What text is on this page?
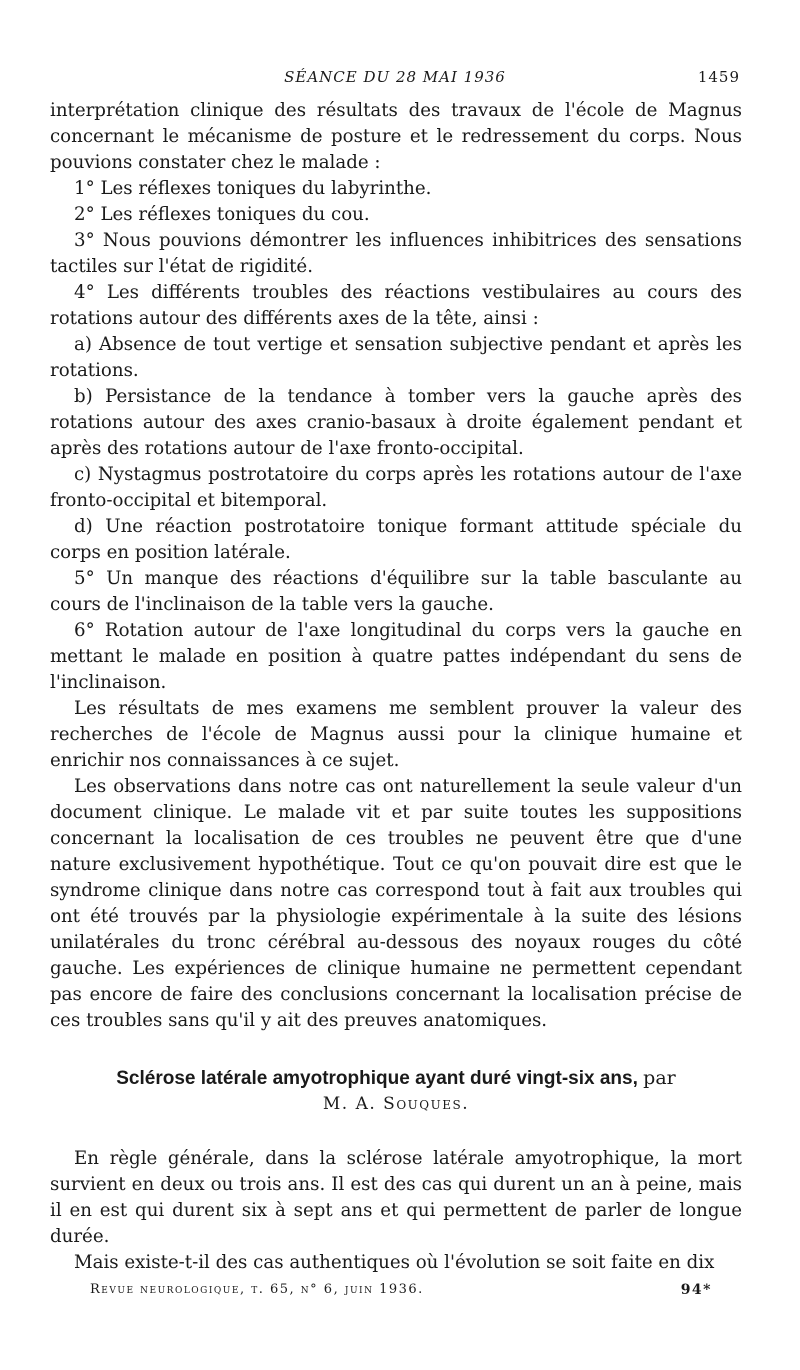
SÉANCE DU 28 MAI 1936	1459

interprétation clinique des résultats des travaux de l'école de Magnus concernant le mécanisme de posture et le redressement du corps. Nous pouvions constater chez le malade :

1° Les réflexes toniques du labyrinthe.

2° Les réflexes toniques du cou.

3° Nous pouvions démontrer les influences inhibitrices des sensations tactiles sur l'état de rigidité.

4° Les différents troubles des réactions vestibulaires au cours des rotations autour des différents axes de la tête, ainsi :

a) Absence de tout vertige et sensation subjective pendant et après les rotations.

b) Persistance de la tendance à tomber vers la gauche après des rotations autour des axes cranio-basaux à droite également pendant et après des rotations autour de l'axe fronto-occipital.

c) Nystagmus postrotatoire du corps après les rotations autour de l'axe fronto-occipital et bitemporal.

d) Une réaction postrotatoire tonique formant attitude spéciale du corps en position latérale.

5° Un manque des réactions d'équilibre sur la table basculante au cours de l'inclinaison de la table vers la gauche.

6° Rotation autour de l'axe longitudinal du corps vers la gauche en mettant le malade en position à quatre pattes indépendant du sens de l'inclinaison.

Les résultats de mes examens me semblent prouver la valeur des recherches de l'école de Magnus aussi pour la clinique humaine et enrichir nos connaissances à ce sujet.

Les observations dans notre cas ont naturellement la seule valeur d'un document clinique. Le malade vit et par suite toutes les suppositions concernant la localisation de ces troubles ne peuvent être que d'une nature exclusivement hypothétique. Tout ce qu'on pouvait dire est que le syndrome clinique dans notre cas correspond tout à fait aux troubles qui ont été trouvés par la physiologie expérimentale à la suite des lésions unilatérales du tronc cérébral au-dessous des noyaux rouges du côté gauche. Les expériences de clinique humaine ne permettent cependant pas encore de faire des conclusions concernant la localisation précise de ces troubles sans qu'il y ait des preuves anatomiques.

Sclérose latérale amyotrophique ayant duré vingt-six ans, par
M. A. Souques.

En règle générale, dans la sclérose latérale amyotrophique, la mort survient en deux ou trois ans. Il est des cas qui durent un an à peine, mais il en est qui durent six à sept ans et qui permettent de parler de longue durée.

Mais existe-t-il des cas authentiques où l'évolution se soit faite en dix

Revue neurologique, t. 65, n° 6, juin 1936.	94*
